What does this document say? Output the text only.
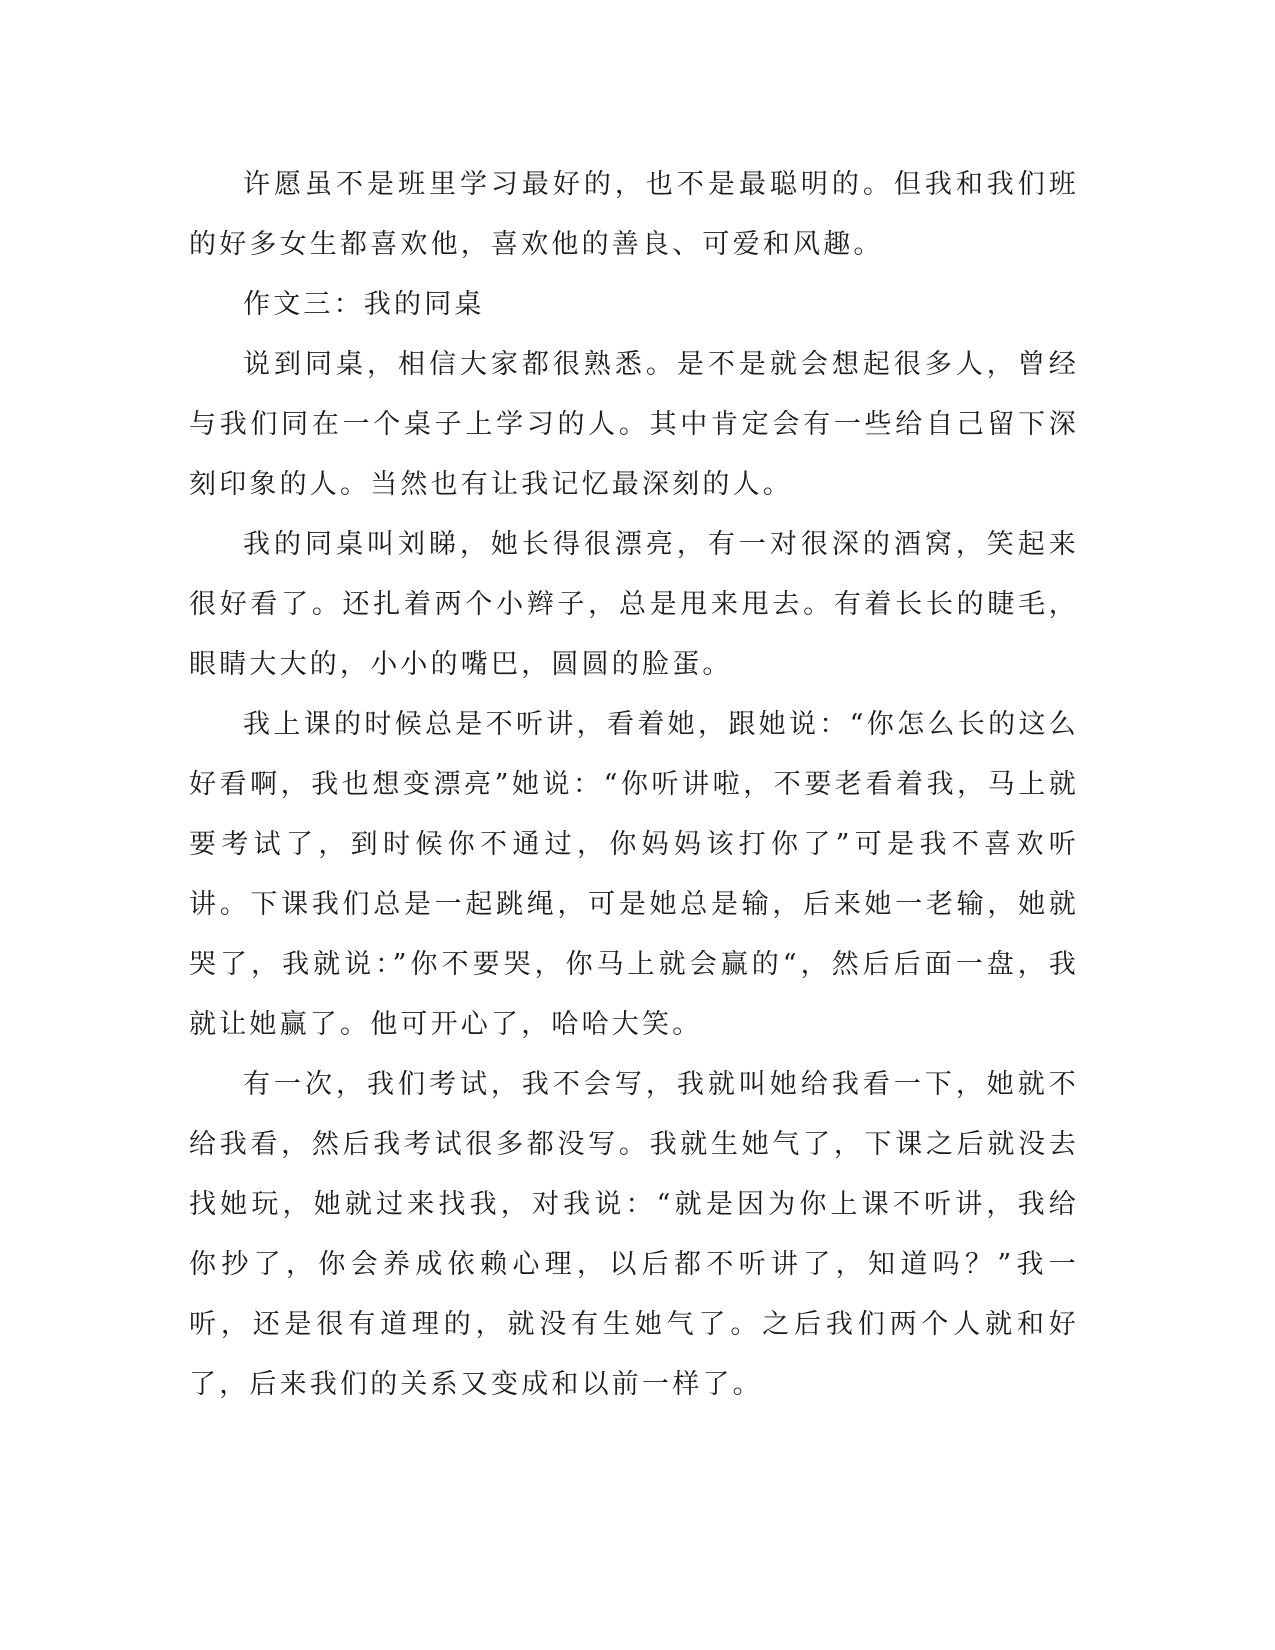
许愿虽不是班里学习最好的，也不是最聪明的。但我和我们班的好多女生都喜欢他，喜欢他的善良、可爱和风趣。

作文三：我的同桌

说到同桌，相信大家都很熟悉。是不是就会想起很多人，曾经与我们同在一个桌子上学习的人。其中肯定会有一些给自己留下深刻印象的人。当然也有让我记忆最深刻的人。

我的同桌叫刘睇，她长得很漂亮，有一对很深的酒窝，笑起来很好看了。还扎着两个小辫子，总是甩来甩去。有着长长的睫毛，眼睛大大的，小小的嘴巴，圆圆的脸蛋。

我上课的时候总是不听讲，看着她，跟她说：“你怎么长的这么好看啊，我也想变漂亮”她说：“你听讲啦，不要老看着我，马上就要考试了，到时候你不通过，你妈妈该打你了”可是我不喜欢听讲。下课我们总是一起跳绳，可是她总是输，后来她一老输，她就哭了，我就说：”你不要哭，你马上就会赢的“，然后后面一盘，我就让她赢了。他可开心了，哈哈大笑。

有一次，我们考试，我不会写，我就叫她给我看一下，她就不给我看，然后我考试很多都没写。我就生她气了，下课之后就没去找她玩，她就过来找我，对我说：“就是因为你上课不听讲，我给你抄了，你会养成依赖心理，以后都不听讲了，知道吗？”我一听，还是很有道理的，就没有生她气了。之后我们两个人就和好了，后来我们的关系又变成和以前一样了。
